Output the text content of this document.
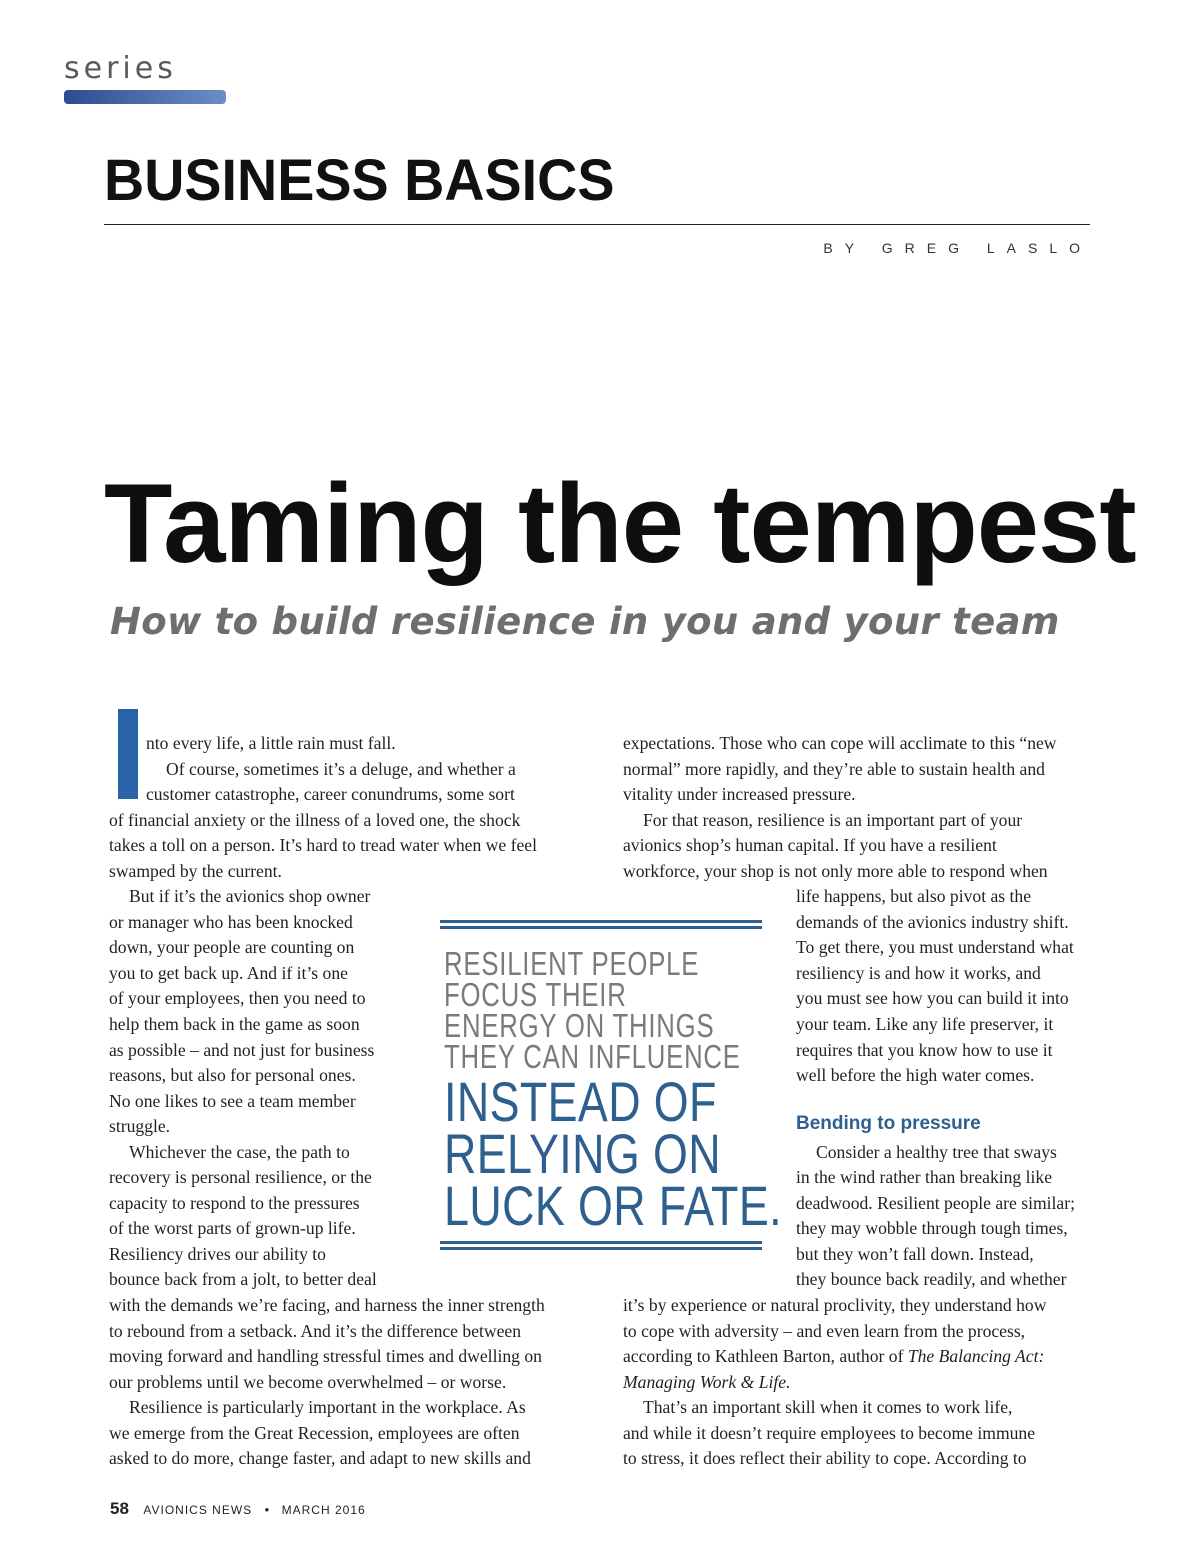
series
BUSINESS BASICS
BY GREG LASLO
Taming the tempest
How to build resilience in you and your team
nto every life, a little rain must fall.
Of course, sometimes it’s a deluge, and whether a
customer catastrophe, career conundrums, some sort
of financial anxiety or the illness of a loved one, the shock
takes a toll on a person. It’s hard to tread water when we feel
swamped by the current.
But if it’s the avionics shop owner
or manager who has been knocked
down, your people are counting on
you to get back up. And if it’s one
of your employees, then you need to
help them back in the game as soon
as possible – and not just for business
reasons, but also for personal ones.
No one likes to see a team member
struggle.
Whichever the case, the path to
recovery is personal resilience, or the
capacity to respond to the pressures
of the worst parts of grown-up life.
Resiliency drives our ability to
bounce back from a jolt, to better deal
with the demands we’re facing, and harness the inner strength
to rebound from a setback. And it’s the difference between
moving forward and handling stressful times and dwelling on
our problems until we become overwhelmed – or worse.
Resilience is particularly important in the workplace. As
we emerge from the Great Recession, employees are often
asked to do more, change faster, and adapt to new skills and
expectations. Those who can cope will acclimate to this “new
normal” more rapidly, and they’re able to sustain health and
vitality under increased pressure.
For that reason, resilience is an important part of your
avionics shop’s human capital. If you have a resilient
workforce, your shop is not only more able to respond when
life happens, but also pivot as the
demands of the avionics industry shift.
To get there, you must understand what
resiliency is and how it works, and
you must see how you can build it into
your team. Like any life preserver, it
requires that you know how to use it
well before the high water comes.
Consider a healthy tree that sways
in the wind rather than breaking like
deadwood. Resilient people are similar;
they may wobble through tough times,
but they won’t fall down. Instead,
they bounce back readily, and whether
it’s by experience or natural proclivity, they understand how
to cope with adversity – and even learn from the process,
according to Kathleen Barton, author of The Balancing Act:
Managing Work & Life.
That’s an important skill when it comes to work life,
and while it doesn’t require employees to become immune
to stress, it does reflect their ability to cope. According to
Bending to pressure
RESILIENT PEOPLE
FOCUS THEIR
ENERGY ON THINGS
THEY CAN INFLUENCE
INSTEAD OF
RELYING ON
LUCK OR FATE.
58 AVIONICS NEWS • MARCH 2016
